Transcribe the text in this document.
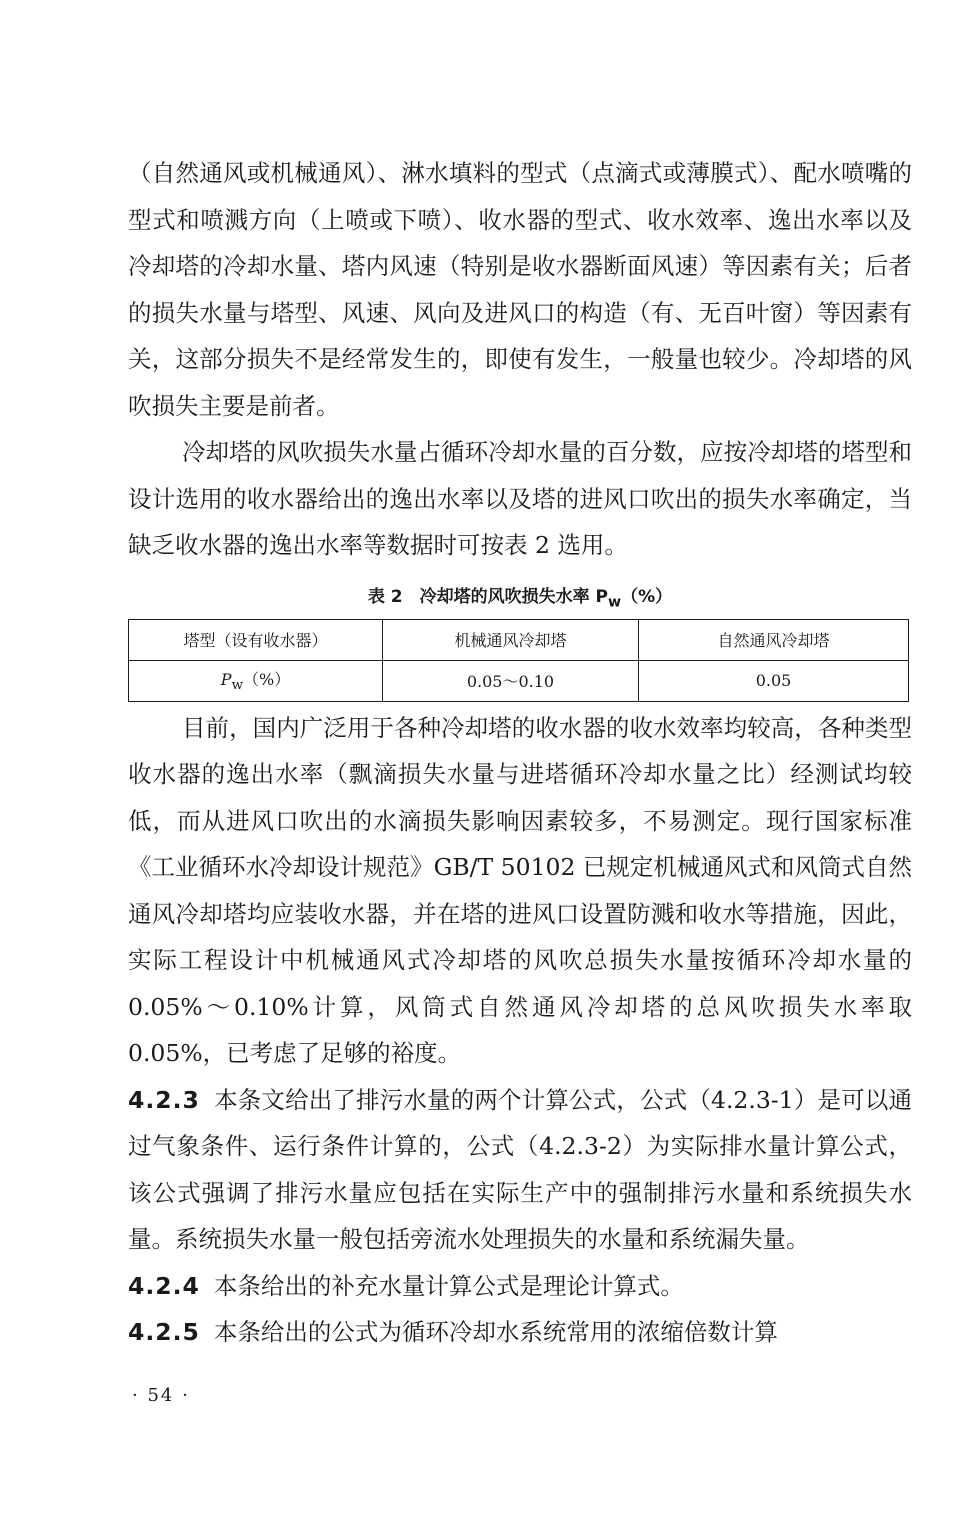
（自然通风或机械通风）、淋水填料的型式（点滴式或薄膜式）、配水喷嘴的型式和喷溅方向（上喷或下喷）、收水器的型式、收水效率、逸出水率以及冷却塔的冷却水量、塔内风速（特别是收水器断面风速）等因素有关；后者的损失水量与塔型、风速、风向及进风口的构造（有、无百叶窗）等因素有关，这部分损失不是经常发生的，即使有发生，一般量也较少。冷却塔的风吹损失主要是前者。

冷却塔的风吹损失水量占循环冷却水量的百分数，应按冷却塔的塔型和设计选用的收水器给出的逸出水率以及塔的进风口吹出的损失水率确定，当缺乏收水器的逸出水率等数据时可按表 2 选用。

表 2　冷却塔的风吹损失水率 $P_w(\%)$

塔型（设有收水器）	机械通风冷却塔	自然通风冷却塔
$P_w(\%)$	0.05～0.10	0.05

目前，国内广泛用于各种冷却塔的收水器的收水效率均较高，各种类型收水器的逸出水率（飘滴损失水量与进塔循环冷却水量之比）经测试均较低，而从进风口吹出的水滴损失影响因素较多，不易测定。现行国家标准《工业循环水冷却设计规范》GB/T 50102 已规定机械通风式和风筒式自然通风冷却塔均应装收水器，并在塔的进风口设置防溅和收水等措施，因此，实际工程设计中机械通风式冷却塔的风吹总损失水量按循环冷却水量的 0.05%～0.10%计算，风筒式自然通风冷却塔的总风吹损失水率取0.05%，已考虑了足够的裕度。

4.2.3 本条文给出了排污水量的两个计算公式，公式（4.2.3-1）是可以通过气象条件、运行条件计算的，公式（4.2.3-2）为实际排水量计算公式，该公式强调了排污水量应包括在实际生产中的强制排污水量和系统损失水量。系统损失水量一般包括旁流水处理损失的水量和系统漏失量。

4.2.4 本条给出的补充水量计算公式是理论计算式。

4.2.5 本条给出的公式为循环冷却水系统常用的浓缩倍数计算

· 54 ·
